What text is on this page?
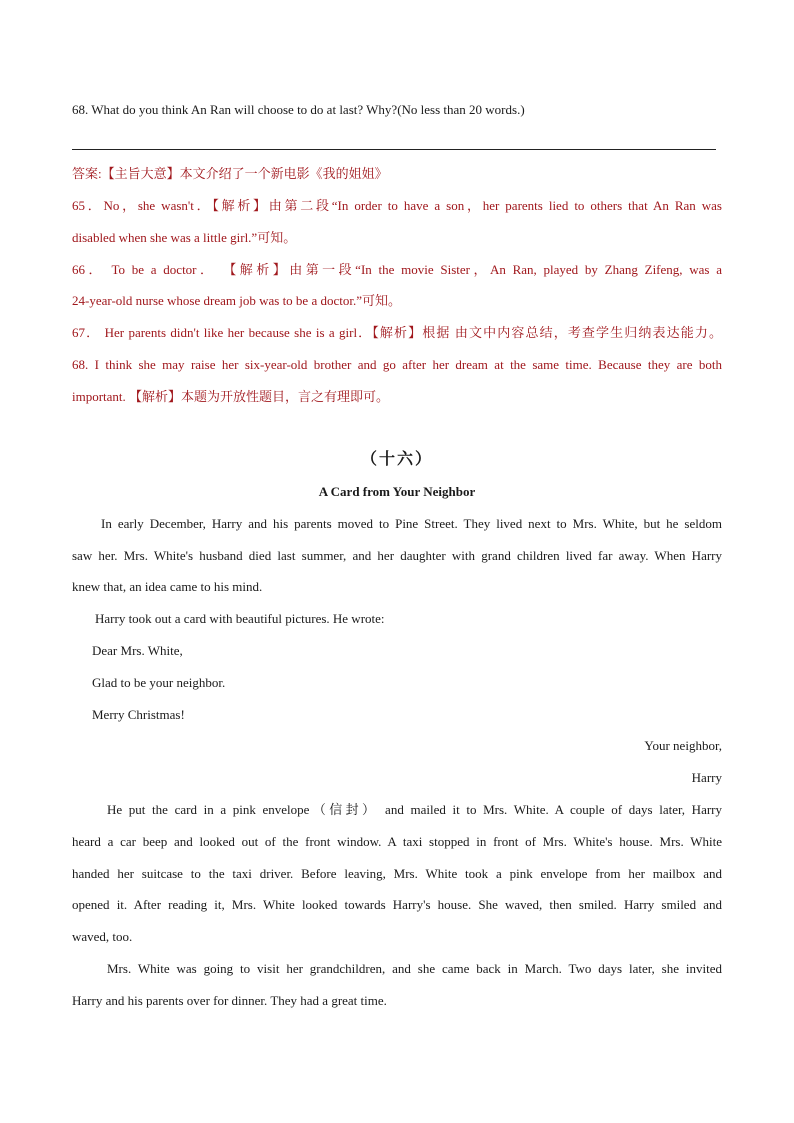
68. What do you think An Ran will choose to do at last? Why?(No less than 20 words.)
答案:【主旨大意】本文介绍了一个新电影《我的姐姐》
65．No，she wasn't．【解析】由第二段“In order to have a son，her parents lied to others that An Ran was
disabled when she was a little girl.”可知。
66． To be a doctor． 【解析】由第一段“In the movie Sister，An Ran, played by Zhang Zifeng, was a
24-year-old nurse whose dream job was to be a doctor.”可知。
67． Her parents didn't like her because she is a girl．【解析】根据 由文中内容总结，考查学生归纳表达能力。
68. I think she may raise her six-year-old brother and go after her dream at the same time. Because they are both
important. 【解析】本题为开放性题目，言之有理即可。
（十六）
A Card from Your Neighbor
In early December, Harry and his parents moved to Pine Street. They lived next to Mrs. White, but he seldom
saw her. Mrs. White's husband died last summer, and her daughter with grand children lived far away. When Harry
knew that, an idea came to his mind.
Harry took out a card with beautiful pictures. He wrote:
Dear Mrs. White,
Glad to be your neighbor.
Merry Christmas!
Your neighbor,
Harry
He put the card in a pink envelope（信封） and mailed it to Mrs. White. A couple of days later, Harry
heard a car beep and looked out of the front window. A taxi stopped in front of Mrs. White's house. Mrs. White
handed her suitcase to the taxi driver. Before leaving, Mrs. White took a pink envelope from her mailbox and
opened it. After reading it, Mrs. White looked towards Harry's house. She waved, then smiled. Harry smiled and
waved, too.
Mrs. White was going to visit her grandchildren, and she came back in March. Two days later, she invited
Harry and his parents over for dinner. They had a great time.
